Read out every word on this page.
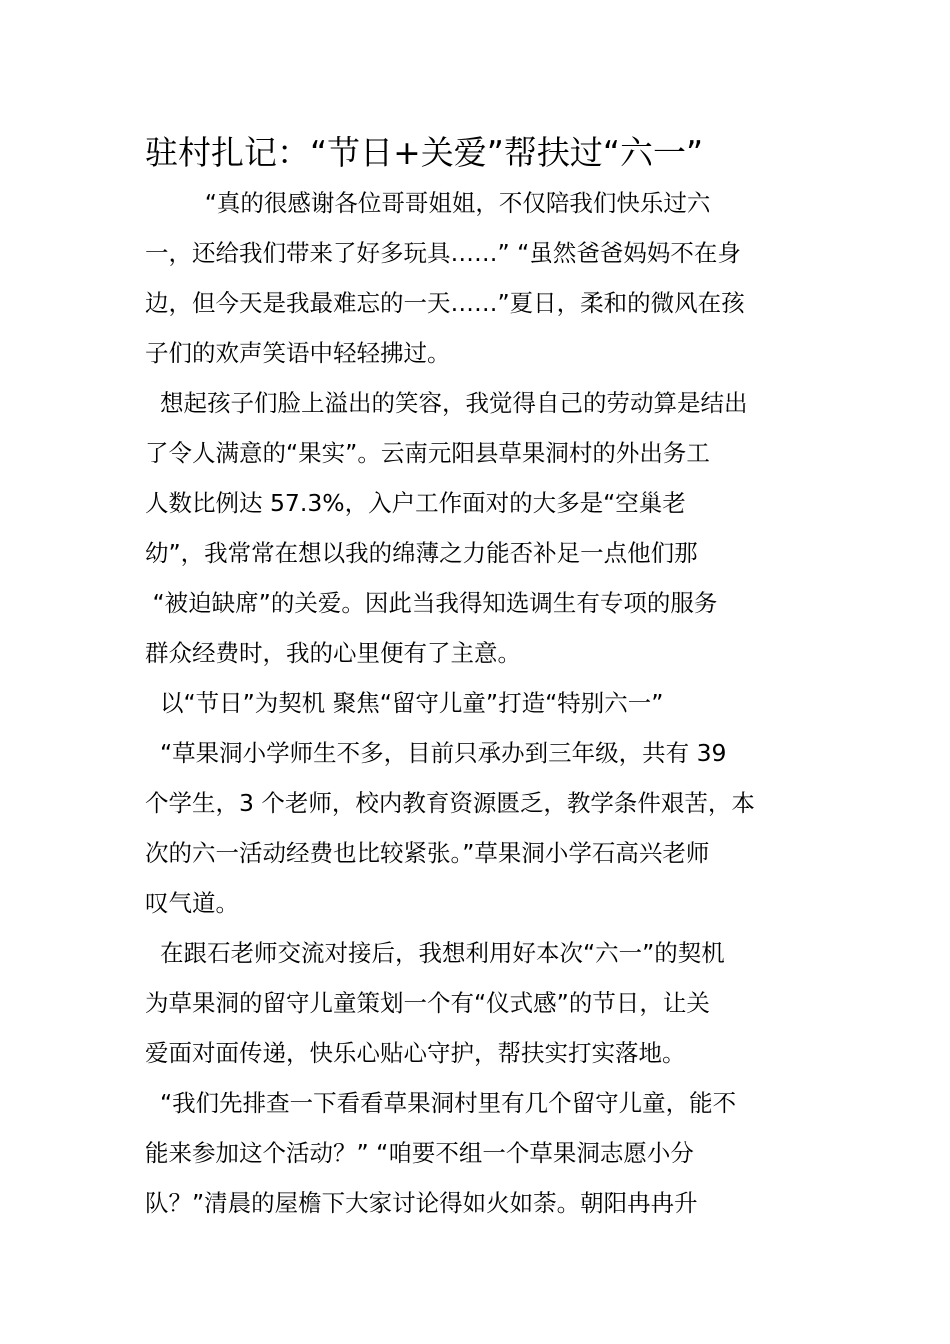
驻村扎记：“节日+关爱”帮扶过“六一”
“真的很感谢各位哥哥姐姐，不仅陪我们快乐过六
一，还给我们带来了好多玩具……” “虽然爸爸妈妈不在身
边，但今天是我最难忘的一天……”夏日，柔和的微风在孩
子们的欢声笑语中轻轻拂过。
想起孩子们脸上溢出的笑容，我觉得自己的劳动算是结出
了令人满意的“果实”。云南元阳县草果洞村的外出务工
人数比例达 57.3%，入户工作面对的大多是“空巢老
幼”，我常常在想以我的绵薄之力能否补足一点他们那
“被迫缺席”的关爱。因此当我得知选调生有专项的服务
群众经费时，我的心里便有了主意。
以“节日”为契机 聚焦“留守儿童”打造“特别六一”
“草果洞小学师生不多，目前只承办到三年级，共有 39
个学生，3 个老师，校内教育资源匮乏，教学条件艰苦，本
次的六一活动经费也比较紧张。”草果洞小学石高兴老师
叹气道。
在跟石老师交流对接后，我想利用好本次“六一”的契机
为草果洞的留守儿童策划一个有“仪式感”的节日，让关
爱面对面传递，快乐心贴心守护，帮扶实打实落地。
“我们先排查一下看看草果洞村里有几个留守儿童，能不
能来参加这个活动？” “咱要不组一个草果洞志愿小分
队？”清晨的屋檐下大家讨论得如火如荼。朝阳冉冉升
